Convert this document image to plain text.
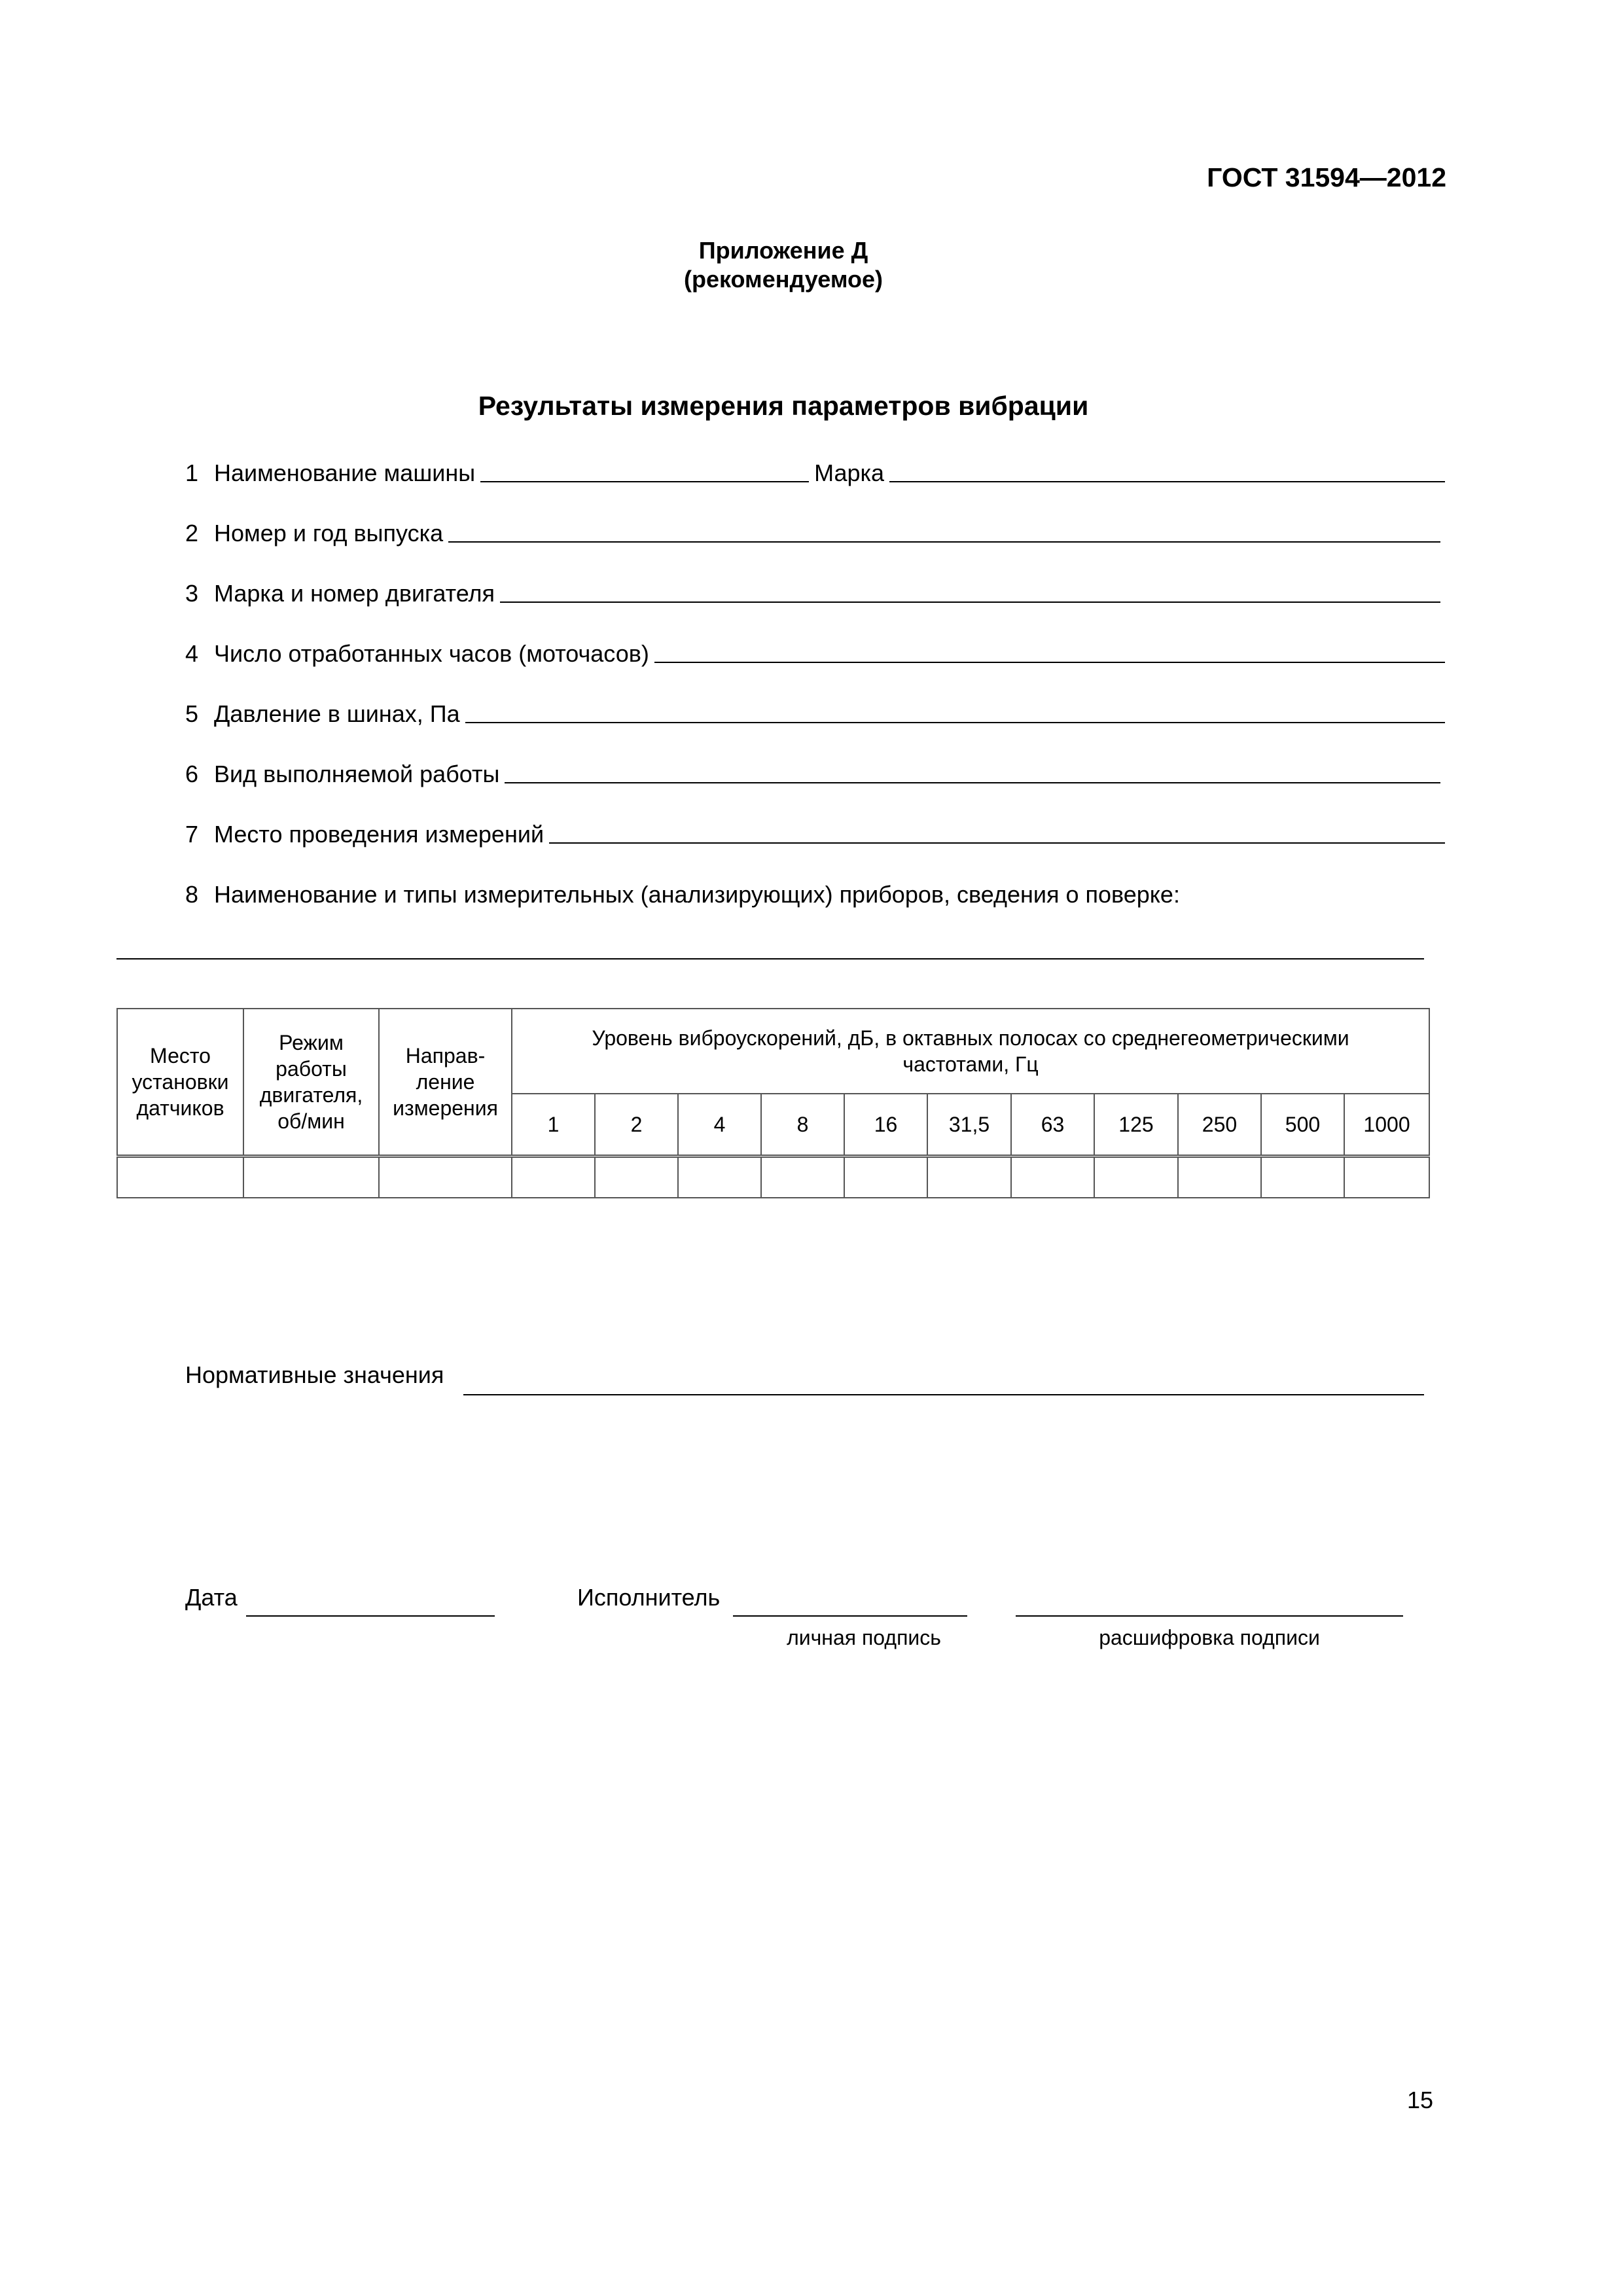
ГОСТ 31594—2012
Приложение Д
(рекомендуемое)
Результаты измерения параметров вибрации
1 Наименование машины	Марка
2 Номер и год выпуска
3 Марка и номер двигателя
4 Число отработанных часов (моточасов)
5 Давление в шинах, Па
6 Вид выполняемой работы
7 Место проведения измерений
8 Наименование и типы измерительных (анализирующих) приборов, сведения о поверке:
Место установки датчиков	Режим работы двигателя, об/мин	Направ-ление измерения	Уровень виброускорений, дБ, в октавных полосах со среднегеометрическими частотами, Гц										
			1	2	4	8	16	31,5	63	125	250	500	1000

Нормативные значения
Дата	Исполнитель
личная подпись	расшифровка подписи
15
